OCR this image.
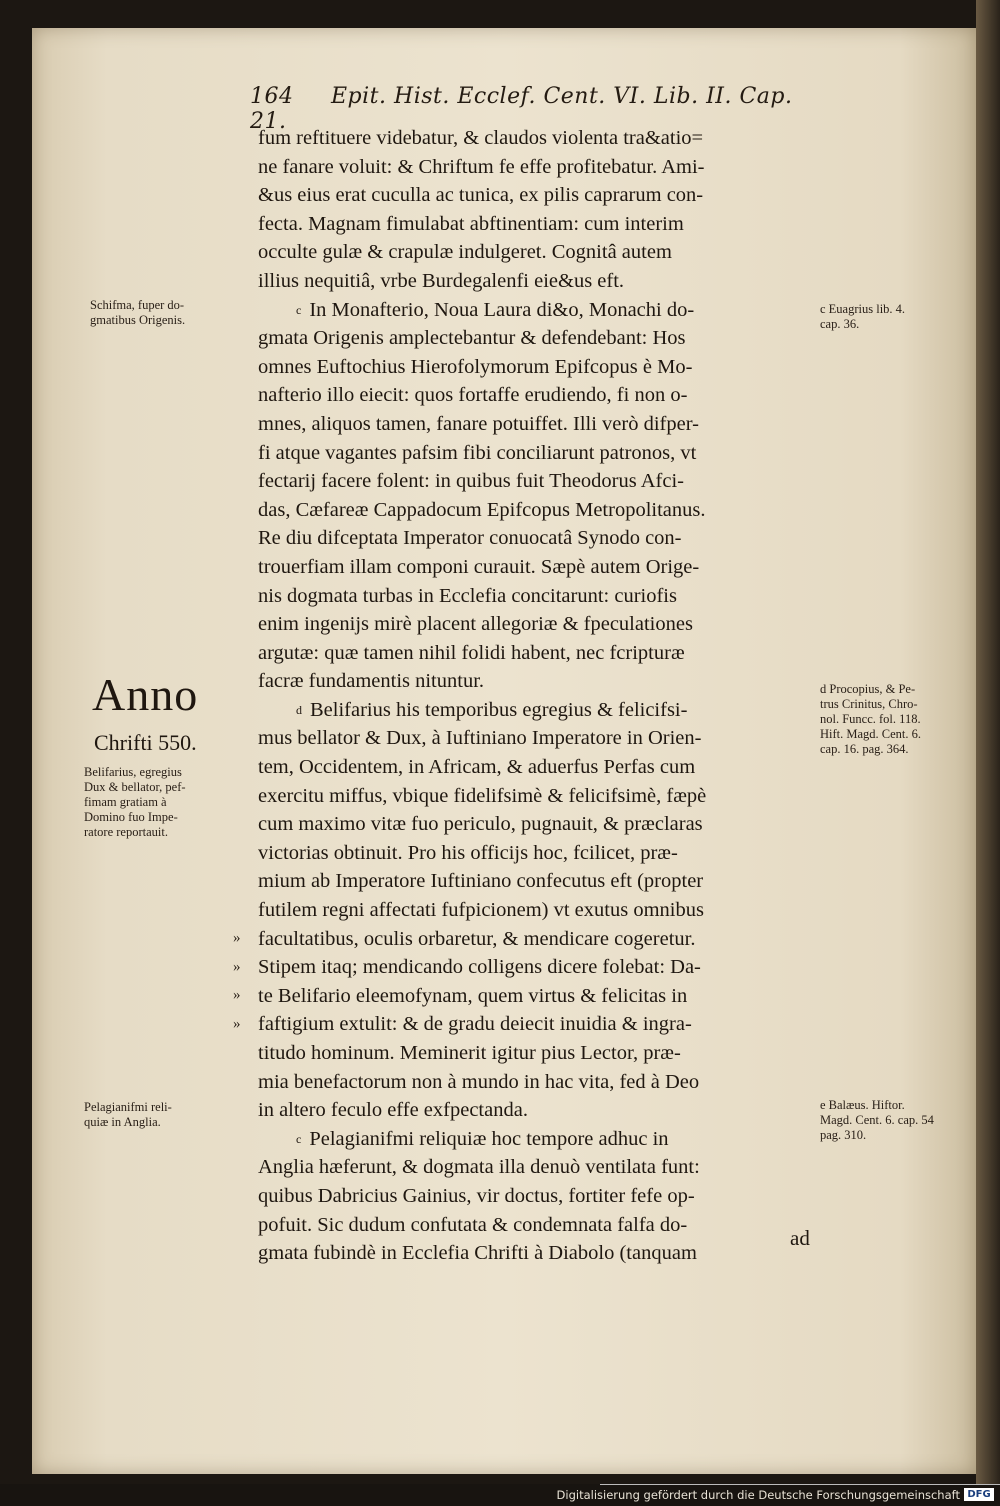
164 Epit. Hist. Ecclef. Cent. VI. Lib. II. Cap. 21.
fum reftituere videbatur, & claudos violenta tra&atio=
ne fanare voluit: & Chriftum fe effe profitebatur. Ami-
&us eius erat cuculla ac tunica, ex pilis caprarum con-
fecta. Magnam fimulabat abftinentiam: cum interim
occulte gulæ & crapulæ indulgeret. Cognitâ autem
illius nequitiâ, vrbe Burdegalenfi eie&us eft.
$^c$ In Monafterio, Noua Laura di&o, Monachi do-
gmata Origenis amplectebantur & defendebant: Hos
omnes Euftochius Hierofolymorum Epifcopus è Mo-
nafterio illo eiecit: quos fortaffe erudiendo, fi non o-
mnes, aliquos tamen, fanare potuiffet. Illi verò difper-
fi atque vagantes pafsim fibi conciliarunt patronos, vt
fectarij facere folent: in quibus fuit Theodorus Afci-
das, Cæfareæ Cappadocum Epifcopus Metropolitanus.
Re diu difceptata Imperator conuocatâ Synodo con-
trouerfiam illam componi curauit. Sæpè autem Orige-
nis dogmata turbas in Ecclefia concitarunt: curiofis
enim ingenijs mirè placent allegoriæ & fpeculationes
argutæ: quæ tamen nihil folidi habent, nec fcripturæ
facræ fundamentis nituntur.
$^d$ Belifarius his temporibus egregius & felicifsi-
mus bellator & Dux, à Iuftiniano Imperatore in Orien-
tem, Occidentem, in Africam, & aduerfus Perfas cum
exercitu miffus, vbique fidelifsimè & felicifsimè, fæpè
cum maximo vitæ fuo periculo, pugnauit, & præclaras
victorias obtinuit. Pro his officijs hoc, fcilicet, præ-
mium ab Imperatore Iuftiniano confecutus eft (propter
futilem regni affectati fufpicionem) vt exutus omnibus
facultatibus, oculis orbaretur, & mendicare cogeretur.
Stipem itaq; mendicando colligens dicere folebat: Da-
te Belifario eleemofynam, quem virtus & felicitas in
faftigium extulit: & de gradu deiecit inuidia & ingra-
titudo hominum. Meminerit igitur pius Lector, præ-
mia benefactorum non à mundo in hac vita, fed à Deo
in altero feculo effe exfpectanda.
$^c$ Pelagianifmi reliquiæ hoc tempore adhuc in
Anglia hæferunt, & dogmata illa denuò ventilata funt:
quibus Dabricius Gainius, vir doctus, fortiter fefe op-
pofuit. Sic dudum confutata & condemnata falfa do-
gmata fubindè in Ecclefia Chrifti à Diabolo (tanquam
»
»
»
»
ad
Schifma, fuper do-
gmatibus Origenis.
Anno
Chrifti 550.
Belifarius, egregius
Dux & bellator, pef-
fimam gratiam à
Domino fuo Impe-
ratore reportauit.
Pelagianifmi reli-
quiæ in Anglia.
c Euagrius lib. 4.
cap. 36.
d Procopius, & Pe-
trus Crinitus, Chro-
nol. Funcc. fol. 118.
Hift. Magd. Cent. 6.
cap. 16. pag. 364.
e Balæus. Hiftor.
Magd. Cent. 6. cap. 54
pag. 310.
Digitalisierung gefördert durch die Deutsche Forschungsgemeinschaft DFG
